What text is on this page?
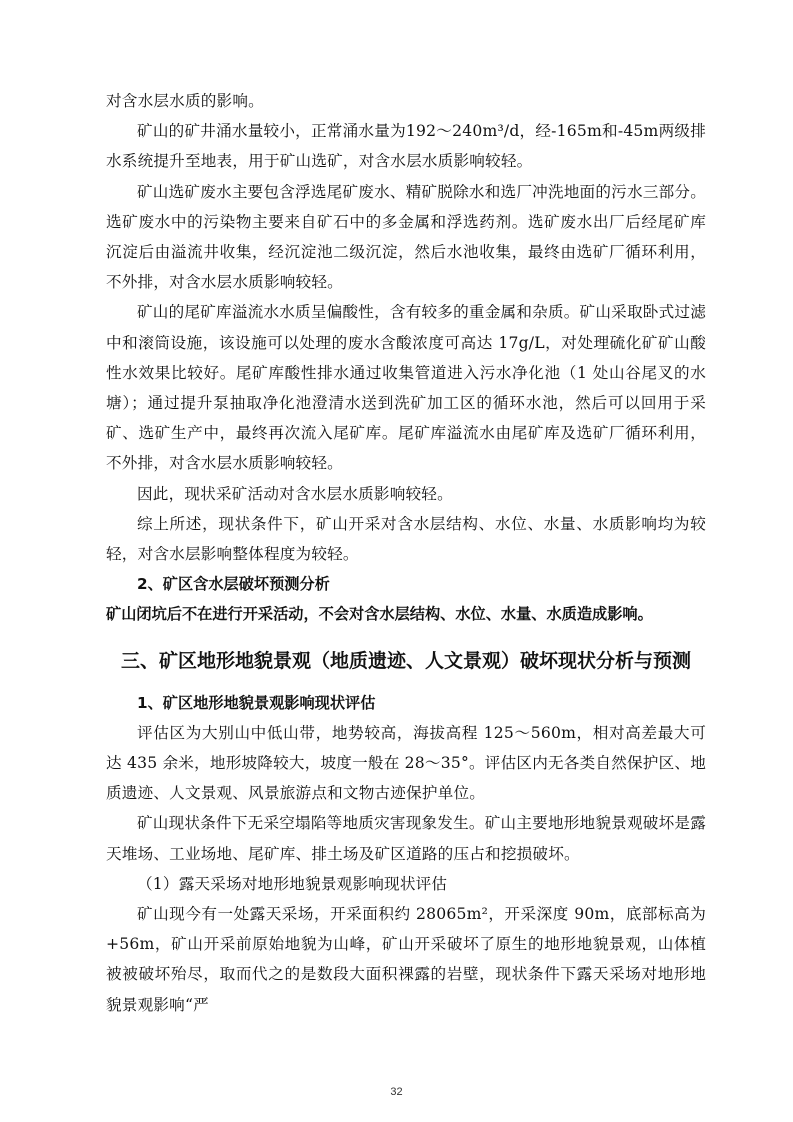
对含水层水质的影响。

矿山的矿井涌水量较小，正常涌水量为192～240m³/d，经-165m和-45m两级排水系统提升至地表，用于矿山选矿，对含水层水质影响较轻。

矿山选矿废水主要包含浮选尾矿废水、精矿脱除水和选厂冲洗地面的污水三部分。选矿废水中的污染物主要来自矿石中的多金属和浮选药剂。选矿废水出厂后经尾矿库沉淀后由溢流井收集，经沉淀池二级沉淀，然后水池收集，最终由选矿厂循环利用，不外排，对含水层水质影响较轻。

矿山的尾矿库溢流水水质呈偏酸性，含有较多的重金属和杂质。矿山采取卧式过滤中和滚筒设施，该设施可以处理的废水含酸浓度可高达 17g/L，对处理硫化矿矿山酸性水效果比较好。尾矿库酸性排水通过收集管道进入污水净化池（1 处山谷尾叉的水塘）；通过提升泵抽取净化池澄清水送到洗矿加工区的循环水池，然后可以回用于采矿、选矿生产中，最终再次流入尾矿库。尾矿库溢流水由尾矿库及选矿厂循环利用，不外排，对含水层水质影响较轻。

因此，现状采矿活动对含水层水质影响较轻。

综上所述，现状条件下，矿山开采对含水层结构、水位、水量、水质影响均为较轻，对含水层影响整体程度为较轻。

2、矿区含水层破坏预测分析

矿山闭坑后不在进行开采活动，不会对含水层结构、水位、水量、水质造成影响。

三、矿区地形地貌景观（地质遗迹、人文景观）破坏现状分析与预测

1、矿区地形地貌景观影响现状评估

评估区为大别山中低山带，地势较高，海拔高程 125～560m，相对高差最大可达 435 余米，地形坡降较大，坡度一般在 28～35°。评估区内无各类自然保护区、地质遗迹、人文景观、风景旅游点和文物古迹保护单位。

矿山现状条件下无采空塌陷等地质灾害现象发生。矿山主要地形地貌景观破坏是露天堆场、工业场地、尾矿库、排土场及矿区道路的压占和挖损破坏。

（1）露天采场对地形地貌景观影响现状评估

矿山现今有一处露天采场，开采面积约 28065m²，开采深度 90m，底部标高为+56m，矿山开采前原始地貌为山峰，矿山开采破坏了原生的地形地貌景观，山体植被被破坏殆尽，取而代之的是数段大面积裸露的岩壁，现状条件下露天采场对地形地貌景观影响“严

32
